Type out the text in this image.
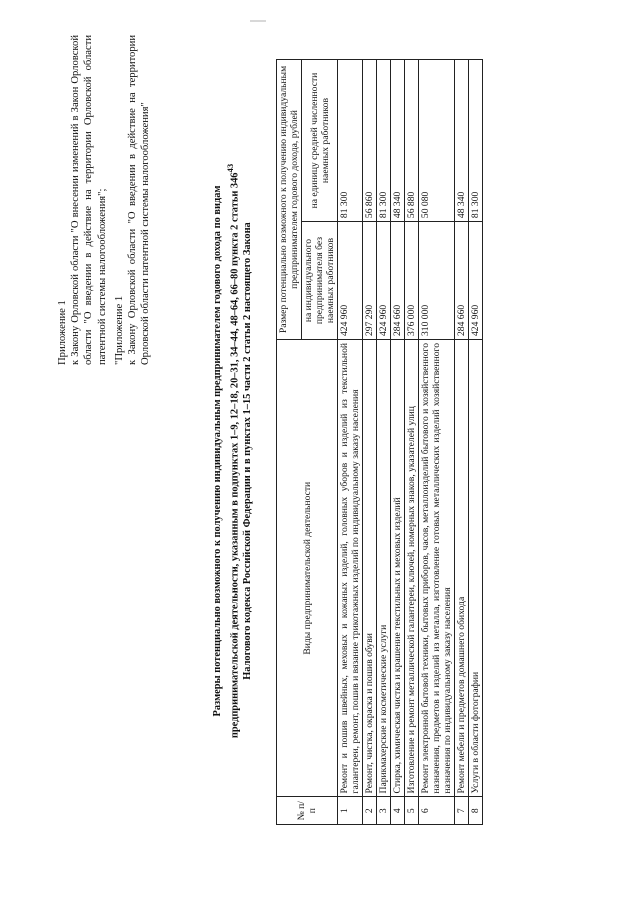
Приложение 1 к Закону Орловской области "О внесении изменений в Закон Орловской области "О введении в действие на территории Орловской области патентной системы налогообложения"; "Приложение 1 к Закону Орловской области "О введении в действие на территории Орловской области патентной системы налогообложения"	Размеры потенциально возможного к получению индивидуальным предпринимателем годового дохода по видам предпринимательской деятельности, указанным в подпунктах 1–9, 12–18, 20–31, 34–44, 48–64, 66–80 пункта 2 статьи $346^{43}$
Налогового кодекса Российской Федерации и в пунктах 1–15 части 2 статьи 2 настоящего Закона
№ п/п	Виды предпринимательской деятельности	Размер потенциально возможного к получению индивидуальным предпринимателем годового дохода, рублей	
		на индивидуального предпринимателя без наемных работников	на единицу средней численности наемных работников
1	Ремонт и пошив швейных, меховых и кожаных изделий, головных уборов и изделий из текстильной галантереи, ремонт, пошив и вязание трикотажных изделий по индивидуальному заказу населения	424 960	81 300
2	Ремонт, чистка, окраска и пошив обуви	297 290	56 860
3	Парикмахерские и косметические услуги	424 960	81 300
4	Стирка, химическая чистка и крашение текстильных и меховых изделий	284 660	48 340
5	Изготовление и ремонт металлической галантереи, ключей, номерных знаков, указателей улиц	376 000	56 880
6	Ремонт электронной бытовой техники, бытовых приборов, часов, металлоизделий бытового и хозяйственного назначения, предметов и изделий из металла, изготовление готовых металлических изделий хозяйственного назначения по индивидуальному заказу населения	310 000	50 080
7	Ремонт мебели и предметов домашнего обихода	284 660	48 340
8	Услуги в области фотографии	424 960	81 300
